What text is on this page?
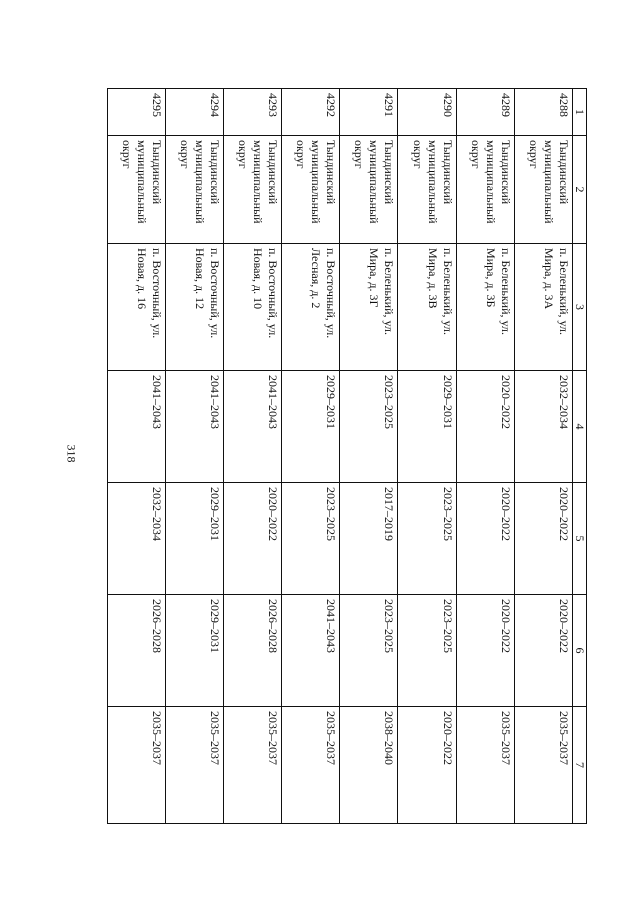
318
1	2	3	4	5	6	7
4288	Тындинский муниципальный округ	п. Беленький, ул. Мира, д. 3А	2032–2034	2020–2022	2020–2022	2035–2037
4289	Тындинский муниципальный округ	п. Беленький, ул. Мира, д. 3Б	2020–2022	2020–2022	2020–2022	2035–2037
4290	Тындинский муниципальный округ	п. Беленький, ул. Мира, д. 3В	2029–2031	2023–2025	2023–2025	2020–2022
4291	Тындинский муниципальный округ	п. Беленький, ул. Мира, д. 3Г	2023–2025	2017–2019	2023–2025	2038–2040
4292	Тындинский муниципальный округ	п. Восточный, ул. Лесная, д. 2	2029–2031	2023–2025	2041–2043	2035–2037
4293	Тындинский муниципальный округ	п. Восточный, ул. Новая, д. 10	2041–2043	2020–2022	2026–2028	2035–2037
4294	Тындинский муниципальный округ	п. Восточный, ул. Новая, д. 12	2041–2043	2029–2031	2029–2031	2035–2037
4295	Тындинский муниципальный округ	п. Восточный, ул. Новая, д. 16	2041–2043	2032–2034	2026–2028	2035–2037
